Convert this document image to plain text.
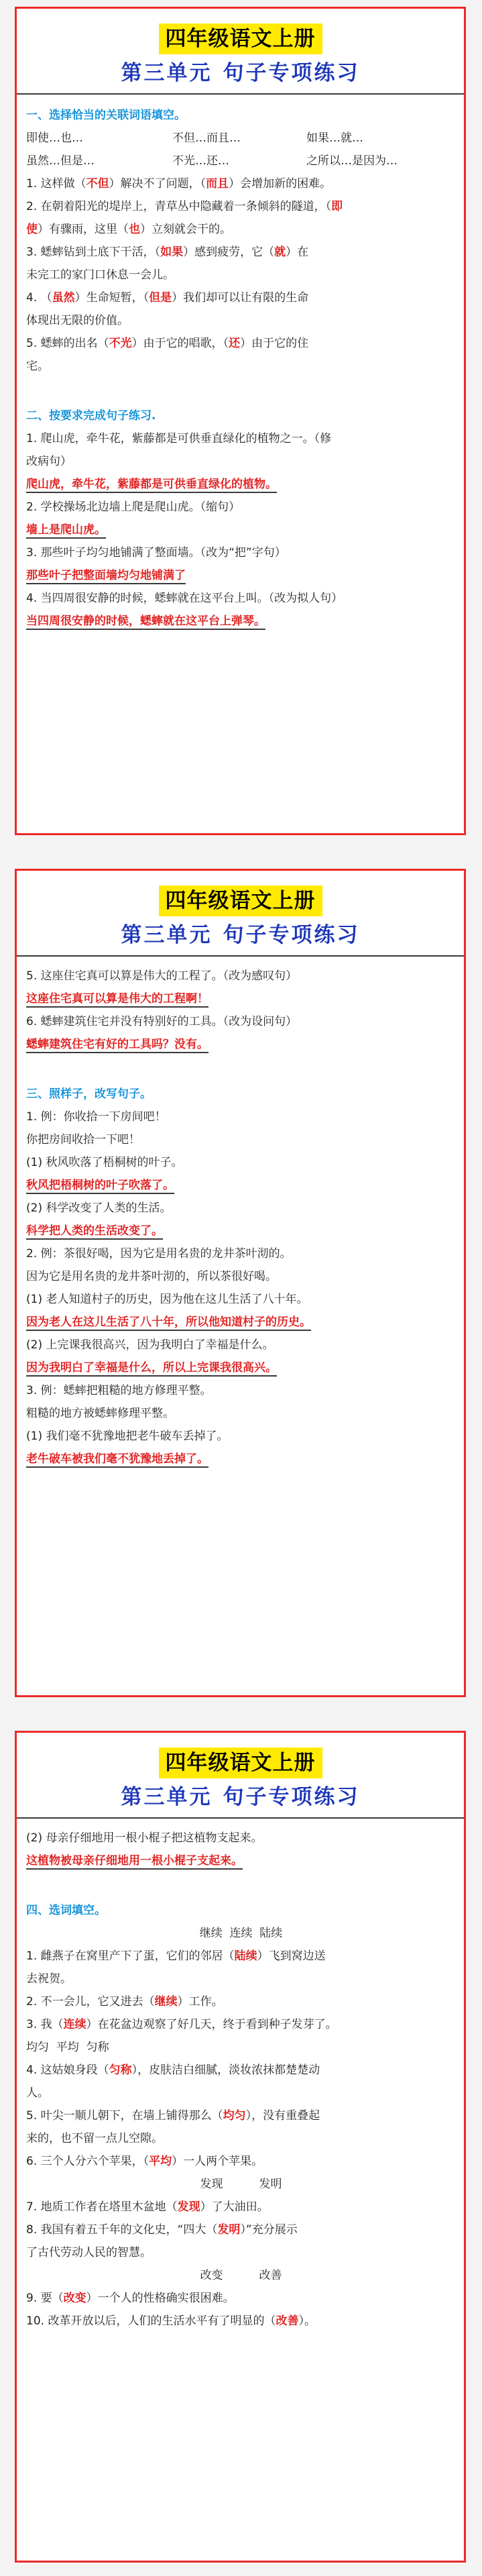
四年级语文上册
第三单元 句子专项练习
一、选择恰当的关联词语填空。
即使…也…	不但…而且…	如果…就…
虽然…但是…	不光…还…	之所以…是因为…
1. 这样做（不但）解决不了问题，（而且）会增加新的困难。
2. 在朝着阳光的堤岸上，青草丛中隐藏着一条倾斜的隧道，（即
使）有骤雨，这里（也）立刻就会干的。
3. 蟋蟀钻到土底下干活，（如果）感到疲劳，它（就）在
未完工的家门口休息一会儿。
4. （虽然）生命短暂，（但是）我们却可以让有限的生命
体现出无限的价值。
5. 蟋蟀的出名（不光）由于它的唱歌，（还）由于它的住
宅。
二、按要求完成句子练习.
1. 爬山虎，牵牛花，紫藤都是可供垂直绿化的植物之一。（修
改病句）
爬山虎，牵牛花，紫藤都是可供垂直绿化的植物。
2. 学校操场北边墙上爬是爬山虎。（缩句）
墙上是爬山虎。
3. 那些叶子均匀地铺满了整面墙。（改为“把”字句）
那些叶子把整面墙均匀地铺满了
4. 当四周很安静的时候，蟋蟀就在这平台上叫。（改为拟人句）
当四周很安静的时候，蟋蟀就在这平台上弹琴。
四年级语文上册
第三单元 句子专项练习
5. 这座住宅真可以算是伟大的工程了。（改为感叹句）
这座住宅真可以算是伟大的工程啊！
6. 蟋蟀建筑住宅并没有特别好的工具。（改为设问句）
蟋蟀建筑住宅有好的工具吗？没有。
三、照样子，改写句子。
1. 例：你收拾一下房间吧！
你把房间收拾一下吧！
(1) 秋风吹落了梧桐树的叶子。
秋风把梧桐树的叶子吹落了。
(2) 科学改变了人类的生活。
科学把人类的生活改变了。
2. 例：茶很好喝，因为它是用名贵的龙井茶叶沏的。
因为它是用名贵的龙井茶叶沏的，所以茶很好喝。
(1) 老人知道村子的历史，因为他在这儿生活了八十年。
因为老人在这儿生活了八十年，所以他知道村子的历史。
(2) 上完课我很高兴，因为我明白了幸福是什么。
因为我明白了幸福是什么，所以上完课我很高兴。
3. 例：蟋蟀把粗糙的地方修理平整。
粗糙的地方被蟋蟀修理平整。
(1) 我们毫不犹豫地把老牛破车丢掉了。
老牛破车被我们毫不犹豫地丢掉了。
四年级语文上册
第三单元 句子专项练习
(2) 母亲仔细地用一根小棍子把这植物支起来。
这植物被母亲仔细地用一根小棍子支起来。
四、选词填空。
继续  连续  陆续
1. 雌燕子在窝里产下了蛋，它们的邻居（陆续）飞到窝边送
去祝贺。
2. 不一会儿，它又进去（继续）工作。
3. 我（连续）在花盆边观察了好几天，终于看到种子发芽了。
均匀  平均  匀称
4. 这姑娘身段（匀称），皮肤洁白细腻，淡妆浓抹都楚楚动
人。
5. 叶尖一顺儿朝下，在墙上铺得那么（均匀），没有重叠起
来的，也不留一点儿空隙。
6. 三个人分六个苹果，（平均）一人两个苹果。
发现          发明
7. 地质工作者在塔里木盆地（发现）了大油田。
8. 我国有着五千年的文化史，“四大（发明）”充分展示
了古代劳动人民的智慧。
改变          改善
9. 要（改变）一个人的性格确实很困难。
10. 改革开放以后，人们的生活水平有了明显的（改善）。
